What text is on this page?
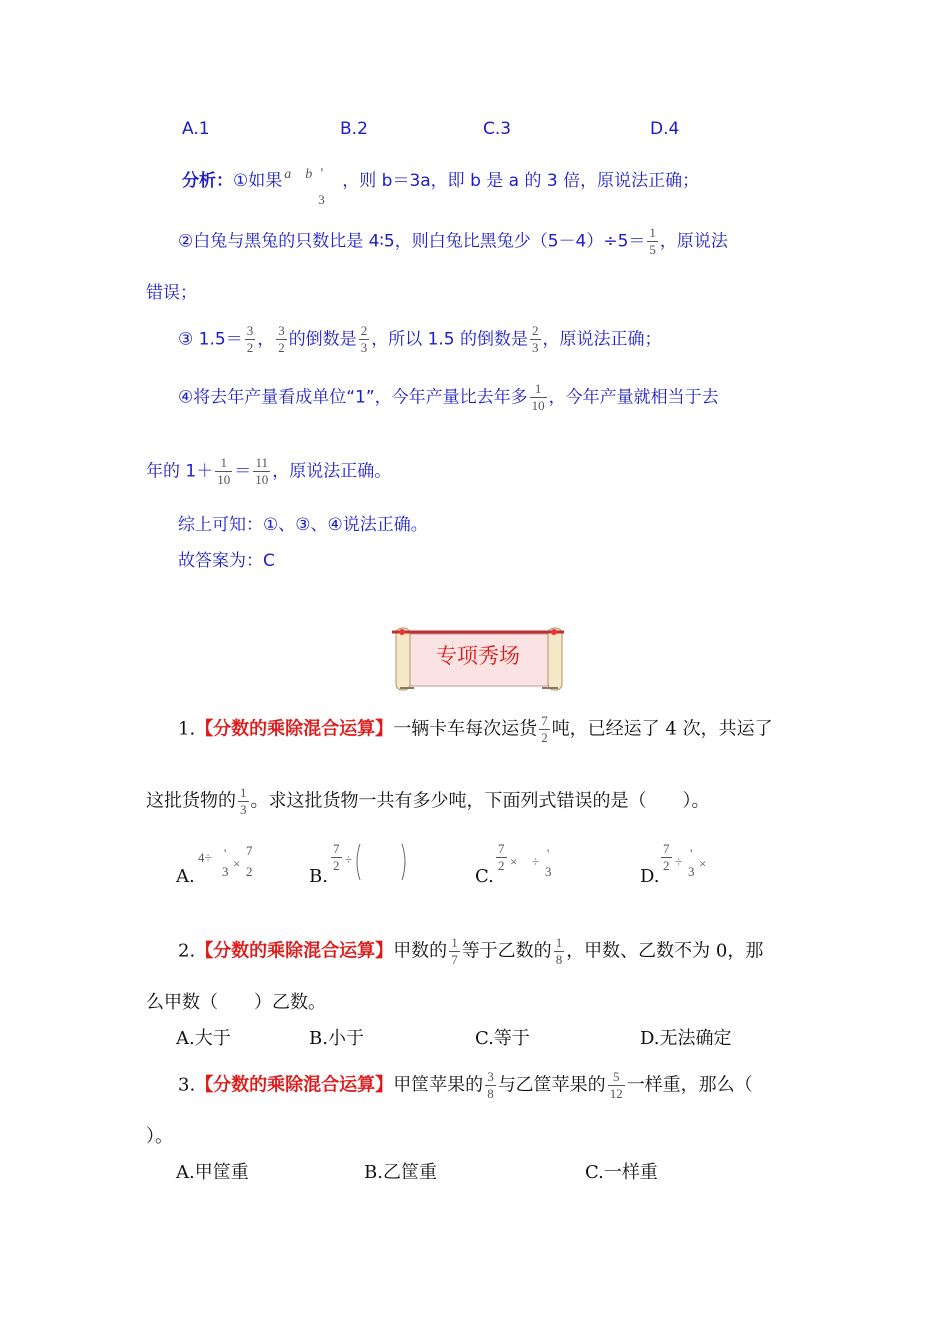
A.1	B.2	C.3	D.4
分析：①如果 $^a$ $^b$ '
3
，则 b＝3a，即 b 是 a 的 3 倍，原说法正确；
②白兔与黑兔的只数比是 4∶5，则白兔比黑兔少$(5-4)\div 5= \frac{1}{5}$ ，原说法
错误；
③ $1.5= \frac{3}{2}$ ， $\frac{3}{2}$ 的倒数是 $\frac{2}{3}$ ，所以 1.5 的倒数是 $\frac{2}{3}$ ，原说法正确；
④将去年产量看成单位“1”，今年产量比去年多 $\frac{1}{10}$ ，今年产量就相当于去
年的 $1+ \frac{1}{10} = \frac{11}{10}$ ，原说法正确。
综上可知：①、③、④说法正确。
故答案为：C
专项秀场
1.【分数的乘除混合运算】一辆卡车每次运货 $\frac{7}{2}$ 吨，已经运了 4 次，共运了
这批货物的 $\frac{1}{3}$ 。求这批货物一共有多少吨，下面列式错误的是（　　）。
A.
4÷ '
3
×
7
2	B.
$\frac{7}{2}$ ÷
C.
$\frac{7}{2}$ × ÷
'
3	D.
$\frac{7}{2}$ ÷
'
3
×
2.【分数的乘除混合运算】甲数的 $\frac{1}{7}$ 等于乙数的 $\frac{1}{8}$ ，甲数、乙数不为 0，那
么甲数（　　）乙数。
A.大于	B.小于	C.等于	D.无法确定
3.【分数的乘除混合运算】甲筐苹果的 $\frac{3}{8}$ 与乙筐苹果的 $\frac{5}{12}$ 一样重，那么（
）。
A.甲筐重	B.乙筐重	C.一样重
